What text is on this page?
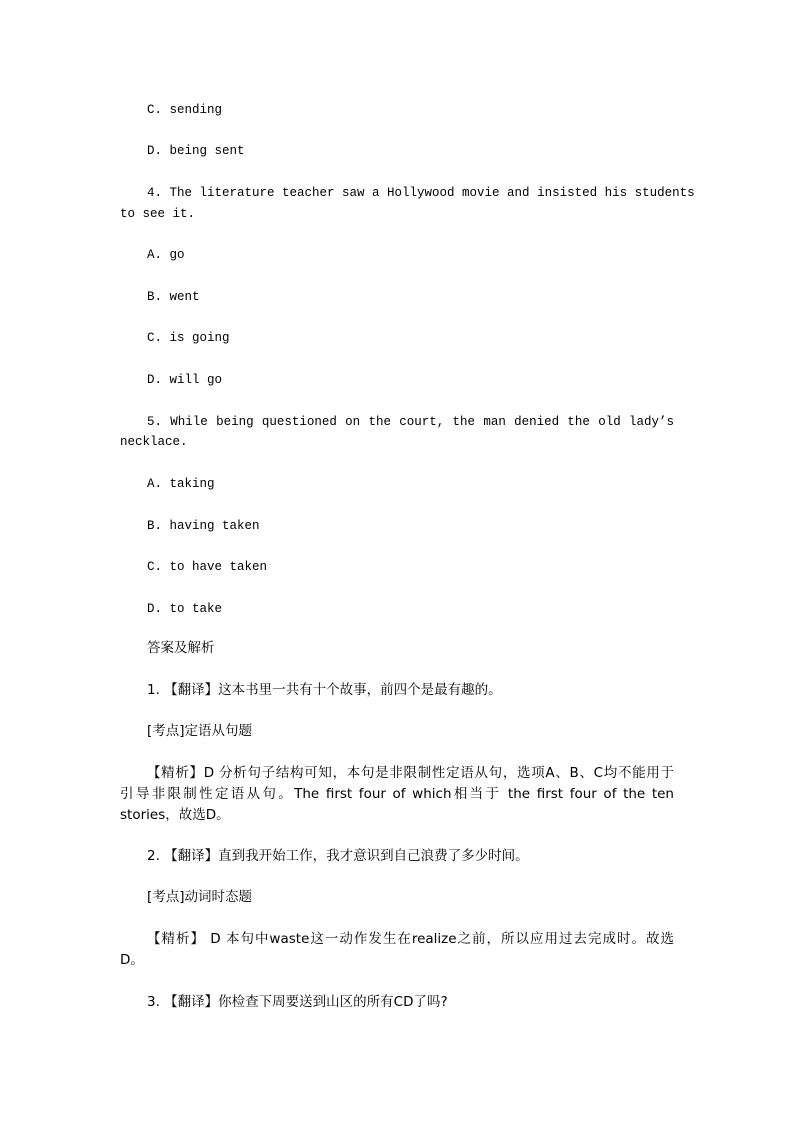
C. sending
D. being sent
4. The literature teacher saw a Hollywood movie and insisted his students
to see it.
A. go
B. went
C. is going
D. will go
5. While being questioned on the court, the man denied the old lady’s
necklace.
A. taking
B. having taken
C. to have taken
D. to take
答案及解析
1. 【翻译】这本书里一共有十个故事，前四个是最有趣的。
[考点]定语从句题
【精析】D 分析句子结构可知，本句是非限制性定语从句，选项A、B、C均不能用于
引导非限制性定语从句。The first four of which相当于 the first four of the ten
stories，故选D。
2. 【翻译】直到我开始工作，我才意识到自己浪费了多少时间。
[考点]动词时态题
【精析】 D 本句中waste这一动作发生在realize之前，所以应用过去完成时。故选
D。
3. 【翻译】你检查下周要送到山区的所有CD了吗?
